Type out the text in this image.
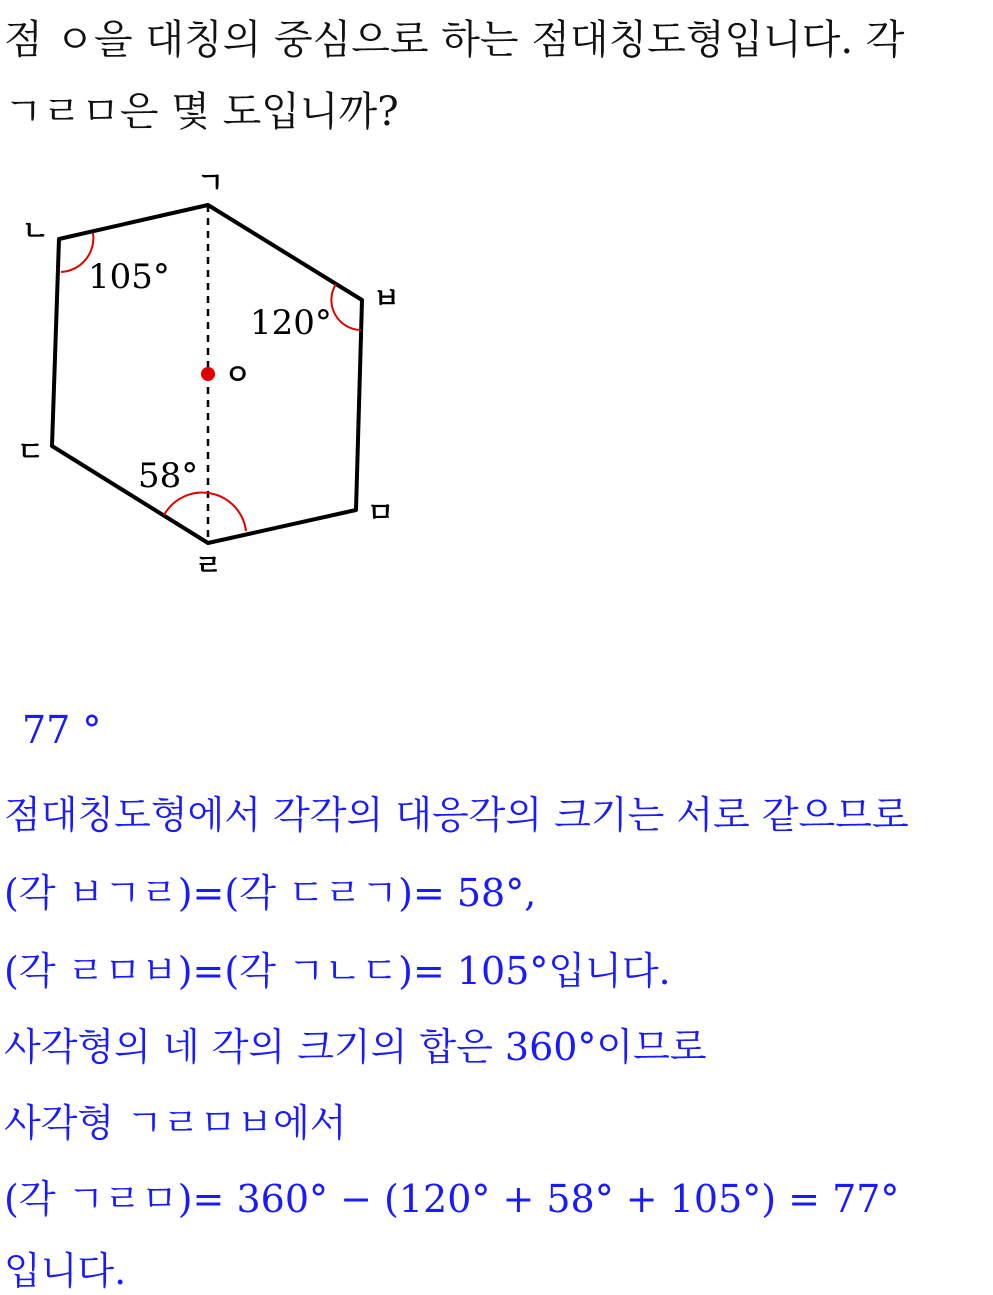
점 ㅇ을 대칭의 중심으로 하는 점대칭도형입니다. 각
ㄱㄹㅁ은 몇 도입니까?
ㄱ
ㄴ
ㅂ
ㅇ
ㄷ
ㅁ
ㄹ
105°
120°
58°
77 °
점대칭도형에서 각각의 대응각의 크기는 서로 같으므로
(각 ㅂㄱㄹ)=(각 ㄷㄹㄱ)= 58°,
(각 ㄹㅁㅂ)=(각 ㄱㄴㄷ)= 105°입니다.
사각형의 네 각의 크기의 합은 360°이므로
사각형 ㄱㄹㅁㅂ에서
(각 ㄱㄹㅁ)= 360° − (120° + 58° + 105°) = 77°
입니다.
